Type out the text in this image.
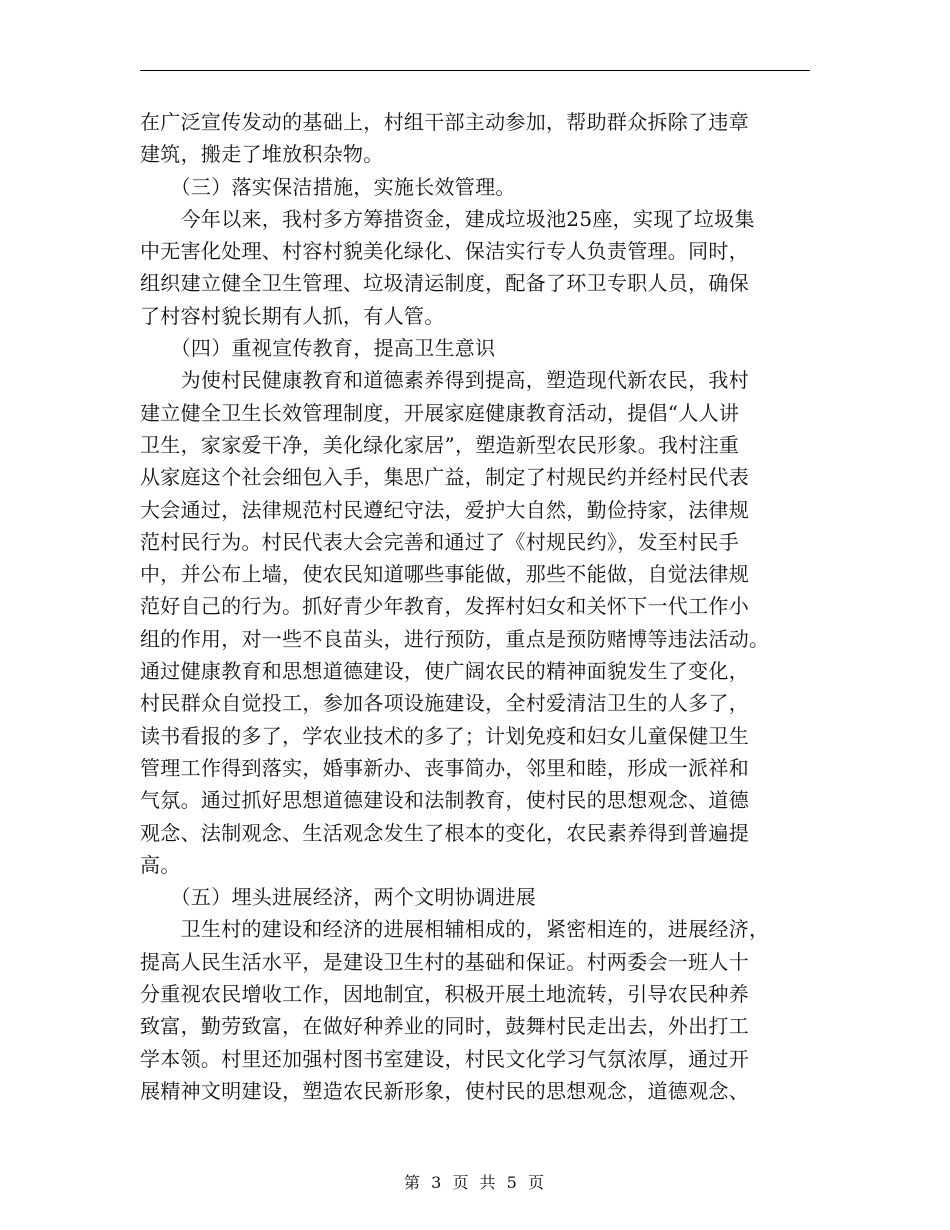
在广泛宣传发动的基础上，村组干部主动参加，帮助群众拆除了违章
建筑，搬走了堆放积杂物。
　　（三）落实保洁措施，实施长效管理。
　　今年以来，我村多方筹措资金，建成垃圾池25座，实现了垃圾集
中无害化处理、村容村貌美化绿化、保洁实行专人负责管理。同时，
组织建立健全卫生管理、垃圾清运制度，配备了环卫专职人员，确保
了村容村貌长期有人抓，有人管。
　　（四）重视宣传教育，提高卫生意识
　　为使村民健康教育和道德素养得到提高，塑造现代新农民，我村
建立健全卫生长效管理制度，开展家庭健康教育活动，提倡“人人讲
卫生，家家爱干净，美化绿化家居”，塑造新型农民形象。我村注重
从家庭这个社会细包入手，集思广益，制定了村规民约并经村民代表
大会通过，法律规范村民遵纪守法，爱护大自然，勤俭持家，法律规
范村民行为。村民代表大会完善和通过了《村规民约》，发至村民手
中，并公布上墙，使农民知道哪些事能做，那些不能做，自觉法律规
范好自己的行为。抓好青少年教育，发挥村妇女和关怀下一代工作小
组的作用，对一些不良苗头，进行预防，重点是预防赌博等违法活动。
通过健康教育和思想道德建设，使广阔农民的精神面貌发生了变化，
村民群众自觉投工，参加各项设施建设，全村爱清洁卫生的人多了，
读书看报的多了，学农业技术的多了；计划免疫和妇女儿童保健卫生
管理工作得到落实，婚事新办、丧事简办，邻里和睦，形成一派祥和
气氛。通过抓好思想道德建设和法制教育，使村民的思想观念、道德
观念、法制观念、生活观念发生了根本的变化，农民素养得到普遍提
高。
　　（五）埋头进展经济，两个文明协调进展
　　卫生村的建设和经济的进展相辅相成的，紧密相连的，进展经济，
提高人民生活水平，是建设卫生村的基础和保证。村两委会一班人十
分重视农民增收工作，因地制宜，积极开展土地流转，引导农民种养
致富，勤劳致富，在做好种养业的同时，鼓舞村民走出去，外出打工
学本领。村里还加强村图书室建设，村民文化学习气氛浓厚，通过开
展精神文明建设，塑造农民新形象，使村民的思想观念，道德观念、
第 3 页 共 5 页
